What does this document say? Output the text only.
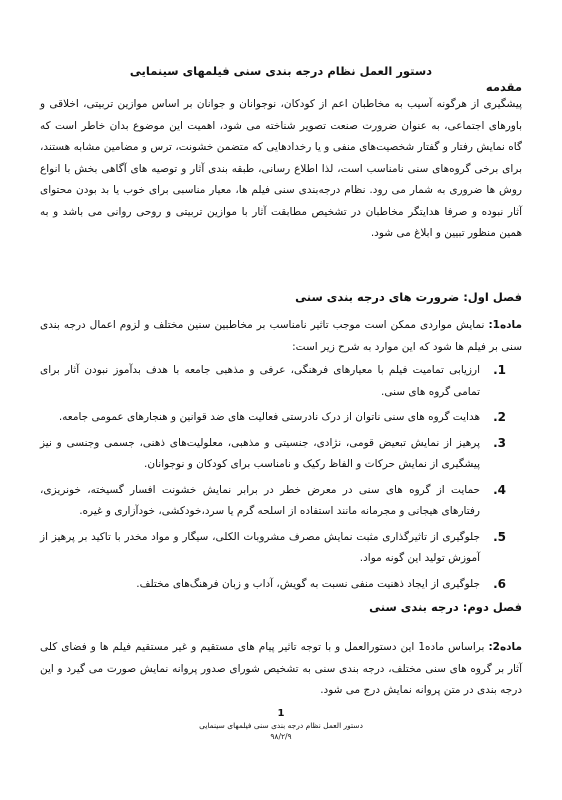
دستور العمل نظام درجه بندی سنی فیلمهای سینمایی
مقدمه
پیشگیری از هرگونه آسیب به مخاطبان اعم از کودکان، نوجوانان و جوانان بر اساس موازین تربیتی، اخلاقی و باورهای اجتماعی، به عنوان ضرورت صنعت تصویر شناخته می شود، اهمیت این موضوع بدان خاطر است که گاه نمایش رفتار و گفتار شخصیت‌های منفی و یا رخدادهایی که متضمن خشونت، ترس و مضامین مشابه هستند، برای برخی گروه‌های سنی نامناسب است، لذا اطلاع رسانی، طبقه بندی آثار و توصیه های آگاهی بخش با انواع روش ها ضروری به شمار می رود. نظام درجه‌بندی سنی فیلم ها، معیار مناسبی برای خوب یا بد بودن محتوای آثار نبوده و صرفا هدایتگر مخاطبان در تشخیص مطابقت آثار با موازین تربیتی و روحی روانی می باشد و به همین منظور تبیین و ابلاغ می شود.
فصل اول: ضرورت های درجه بندی سنی
ماده1: نمایش مواردی ممکن است موجب تاثیر نامناسب بر مخاطبین سنین مختلف و لزوم اعمال درجه بندی سنی بر فیلم ها شود که این موارد به شرح زیر است:
1.
ارزیابی تمامیت فیلم با معیارهای فرهنگی، عرفی و مذهبی جامعه با هدف بدآموز نبودن آثار برای تمامی گروه های سنی.
2.
هدایت گروه های سنی ناتوان از درک نادرستی فعالیت های ضد قوانین و هنجارهای عمومی جامعه.
3.
پرهیز از نمایش تبعیض قومی، نژادی، جنسیتی و مذهبی، معلولیت‌های ذهنی، جسمی وجنسی و نیز پیشگیری از نمایش حرکات و الفاظ رکیک و نامناسب برای کودکان و نوجوانان.
4.
حمایت از گروه های سنی در معرض خطر در برابر نمایش خشونت افسار گسیخته، خونریزی، رفتارهای هیجانی و مجرمانه مانند استفاده از اسلحه گرم یا سرد،خودکشی، خودآزاری و غیره.
5.
جلوگیری از تاثیرگذاری مثبت نمایش مصرف مشروبات الکلی، سیگار و مواد مخدر با تاکید بر پرهیز از آموزش تولید این گونه مواد.
6.
جلوگیری از ایجاد ذهنیت منفی نسبت به گویش، آداب و زبان فرهنگ‌های مختلف.
فصل دوم: درجه بندی سنی
ماده2: براساس ماده1 این دستورالعمل و با توجه تاثیر پیام های مستقیم و غیر مستقیم فیلم ها و فضای کلی آثار بر گروه های سنی مختلف، درجه بندی سنی به تشخیص شورای صدور پروانه نمایش صورت می گیرد و این درجه بندی در متن پروانه نمایش درج می شود.
1
دستور العمل نظام درجه بندی سنی فیلمهای سینمایی
۹۸/۲/۹
